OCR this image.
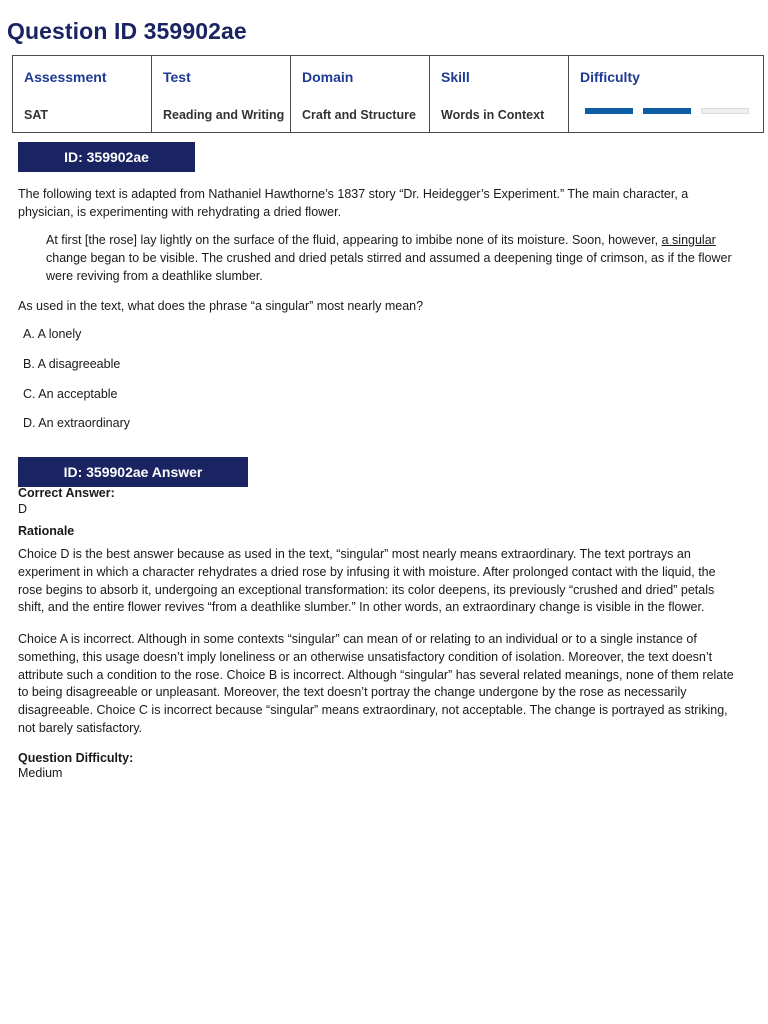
Question ID 359902ae
Assessment
SAT
Test
Reading and Writing
Domain
Craft and Structure
Skill
Words in Context
Difficulty
ID: 359902ae

The following text is adapted from Nathaniel Hawthorne’s 1837 story “Dr. Heidegger’s Experiment.” The main character, a physician, is experimenting with rehydrating a dried flower.

At first [the rose] lay lightly on the surface of the fluid, appearing to imbibe none of its moisture. Soon, however, a singular change began to be visible. The crushed and dried petals stirred and assumed a deepening tinge of crimson, as if the flower were reviving from a deathlike slumber.

As used in the text, what does the phrase “a singular” most nearly mean?

A. A lonely
B. A disagreeable
C. An acceptable
D. An extraordinary
ID: 359902ae Answer
Correct Answer:
D
Rationale

Choice D is the best answer because as used in the text, “singular” most nearly means extraordinary. The text portrays an experiment in which a character rehydrates a dried rose by infusing it with moisture. After prolonged contact with the liquid, the rose begins to absorb it, undergoing an exceptional transformation: its color deepens, its previously “crushed and dried” petals shift, and the entire flower revives “from a deathlike slumber.” In other words, an extraordinary change is visible in the flower.

Choice A is incorrect. Although in some contexts “singular” can mean of or relating to an individual or to a single instance of something, this usage doesn’t imply loneliness or an otherwise unsatisfactory condition of isolation. Moreover, the text doesn’t attribute such a condition to the rose. Choice B is incorrect. Although “singular” has several related meanings, none of them relate to being disagreeable or unpleasant. Moreover, the text doesn’t portray the change undergone by the rose as necessarily disagreeable. Choice C is incorrect because “singular” means extraordinary, not acceptable. The change is portrayed as striking, not barely satisfactory.

Question Difficulty:
Medium
